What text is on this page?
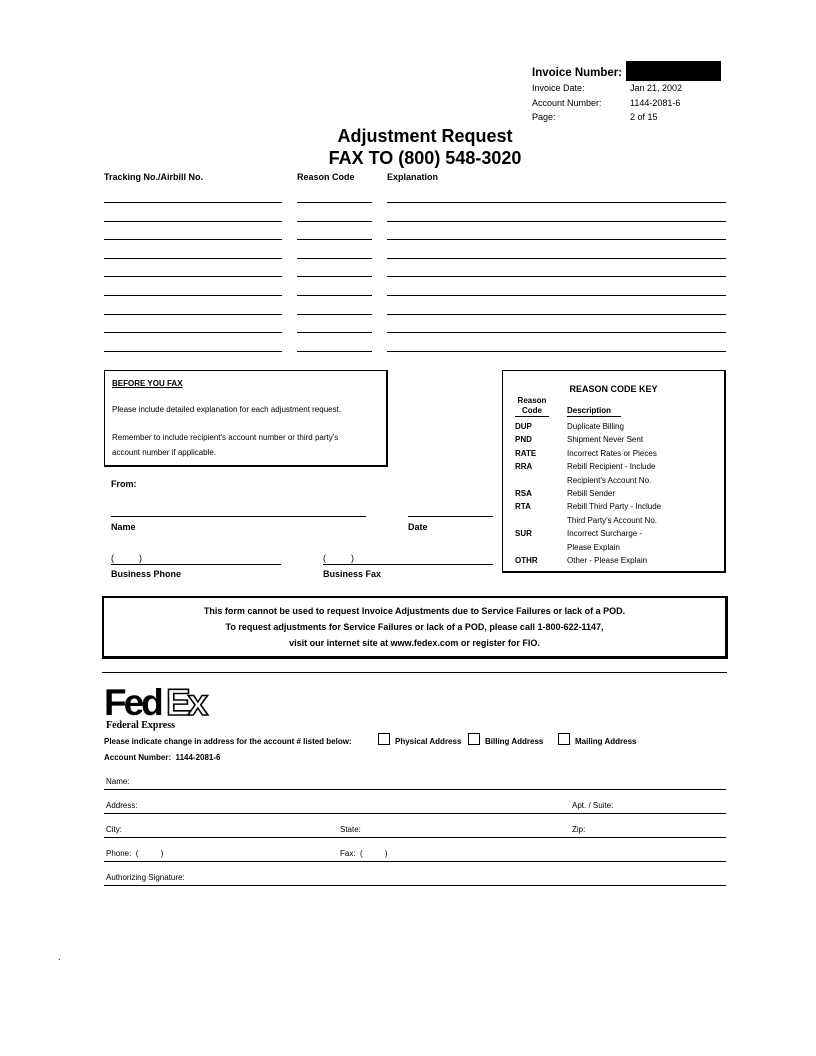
Invoice Number:
Invoice Date:	Jan 21, 2002
Account Number:	1144-2081-6
Page:	2 of 15
Adjustment Request
FAX TO (800) 548-3020
Tracking No./Airbill No.	Reason Code	Explanation
BEFORE YOU FAX
Please include detailed explanation for each adjustment request.
Remember to include recipient's account number or third party's
account number if applicable.
From:
Name	Date
(          )	(          )
Business Phone	Business Fax
REASON CODE KEY
Reason
Code	Description
DUP	Duplicate Billing
PND	Shipment Never Sent
RATE	Incorrect Rates or Pieces
RRA	Rebill Recipient - Include
Recipient's Account No.
RSA	Rebill Sender
RTA	Rebill Third Party - Include
Third Party's Account No.
SUR	Incorrect Surcharge -
Please Explain
OTHR	Other - Please Explain
This form cannot be used to request Invoice Adjustments due to Service Failures or lack of a POD.
To request adjustments for Service Failures or lack of a POD, please call 1-800-622-1147,
visit our internet site at www.fedex.com or register for FIO.
Fed Ex
Federal Express
Please indicate change in address for the account # listed below:	Physical Address	Billing Address	Mailing Address
Account Number:  1144-2081-6
Name:
Address:	Apt. / Suite:
City:	State:	Zip:
Phone:  (          )	Fax:  (          )
Authorizing Signature:
.
